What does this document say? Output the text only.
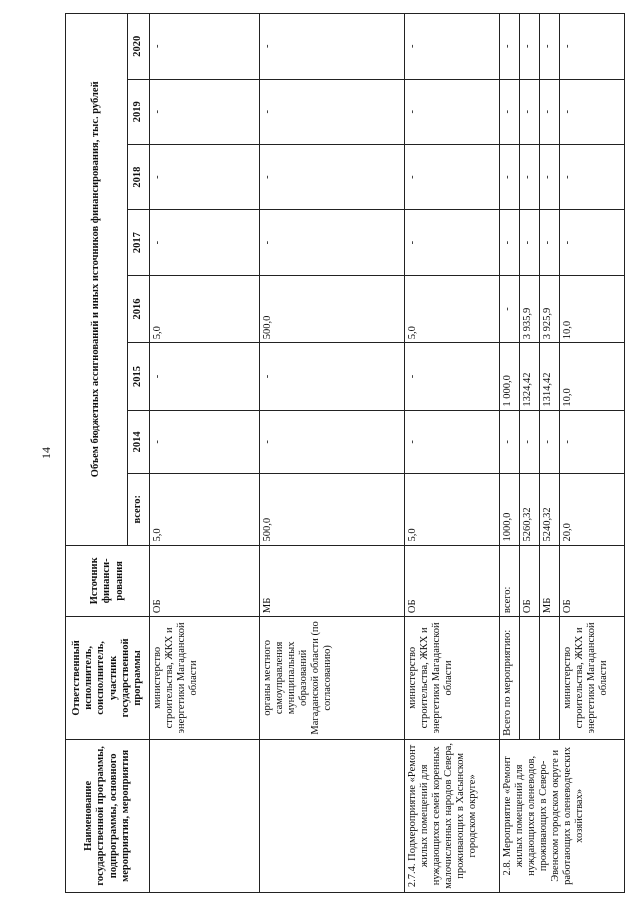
14
Наименование государственной программы, подпрограммы, основного мероприятия, мероприятия	Ответственный исполнитель, соисполнитель, участник государственной программы	Источник финанси-рования	Объем бюджетных ассигнований и иных источников финансирования, тыс. рублей							
			всего:	2014	2015	2016	2017	2018	2019	2020
	министерство строительства, ЖКХ и энергетики Магаданской области	ОБ	5,0	-	-	5,0	-	-	-	-
	органы местного самоуправления муниципальных образований Магаданской области (по согласованию)	МБ	500,0	-	-	500,0	-	-	-	-
2.7.4. Подмероприятие «Ремонт жилых помещений для нуждающихся семей коренных малочисленных народов Севера, проживающих в Хасынском городском округе»	министерство строительства, ЖКХ и энергетики Магаданской области	ОБ	5,0	-	-	5,0	-	-	-	-
2.8. Мероприятие «Ремонт жилых помещений для нуждающихся оленеводов, проживающих в Северо-Эвенском городском округе и работающих в оленеводческих хозяйствах»	Всего по мероприятию:	всего:	1000,0	-	1 000,0	-	-	-	-	-
		ОБ	5260,32	-	1324,42	3 935,9	-	-	-	-
		МБ	5240,32	-	1314,42	3 925,9	-	-	-	-
	министерство строительства, ЖКХ и энергетики Магаданской области	ОБ	20,0	-	10,0	10,0	-	-	-	-
